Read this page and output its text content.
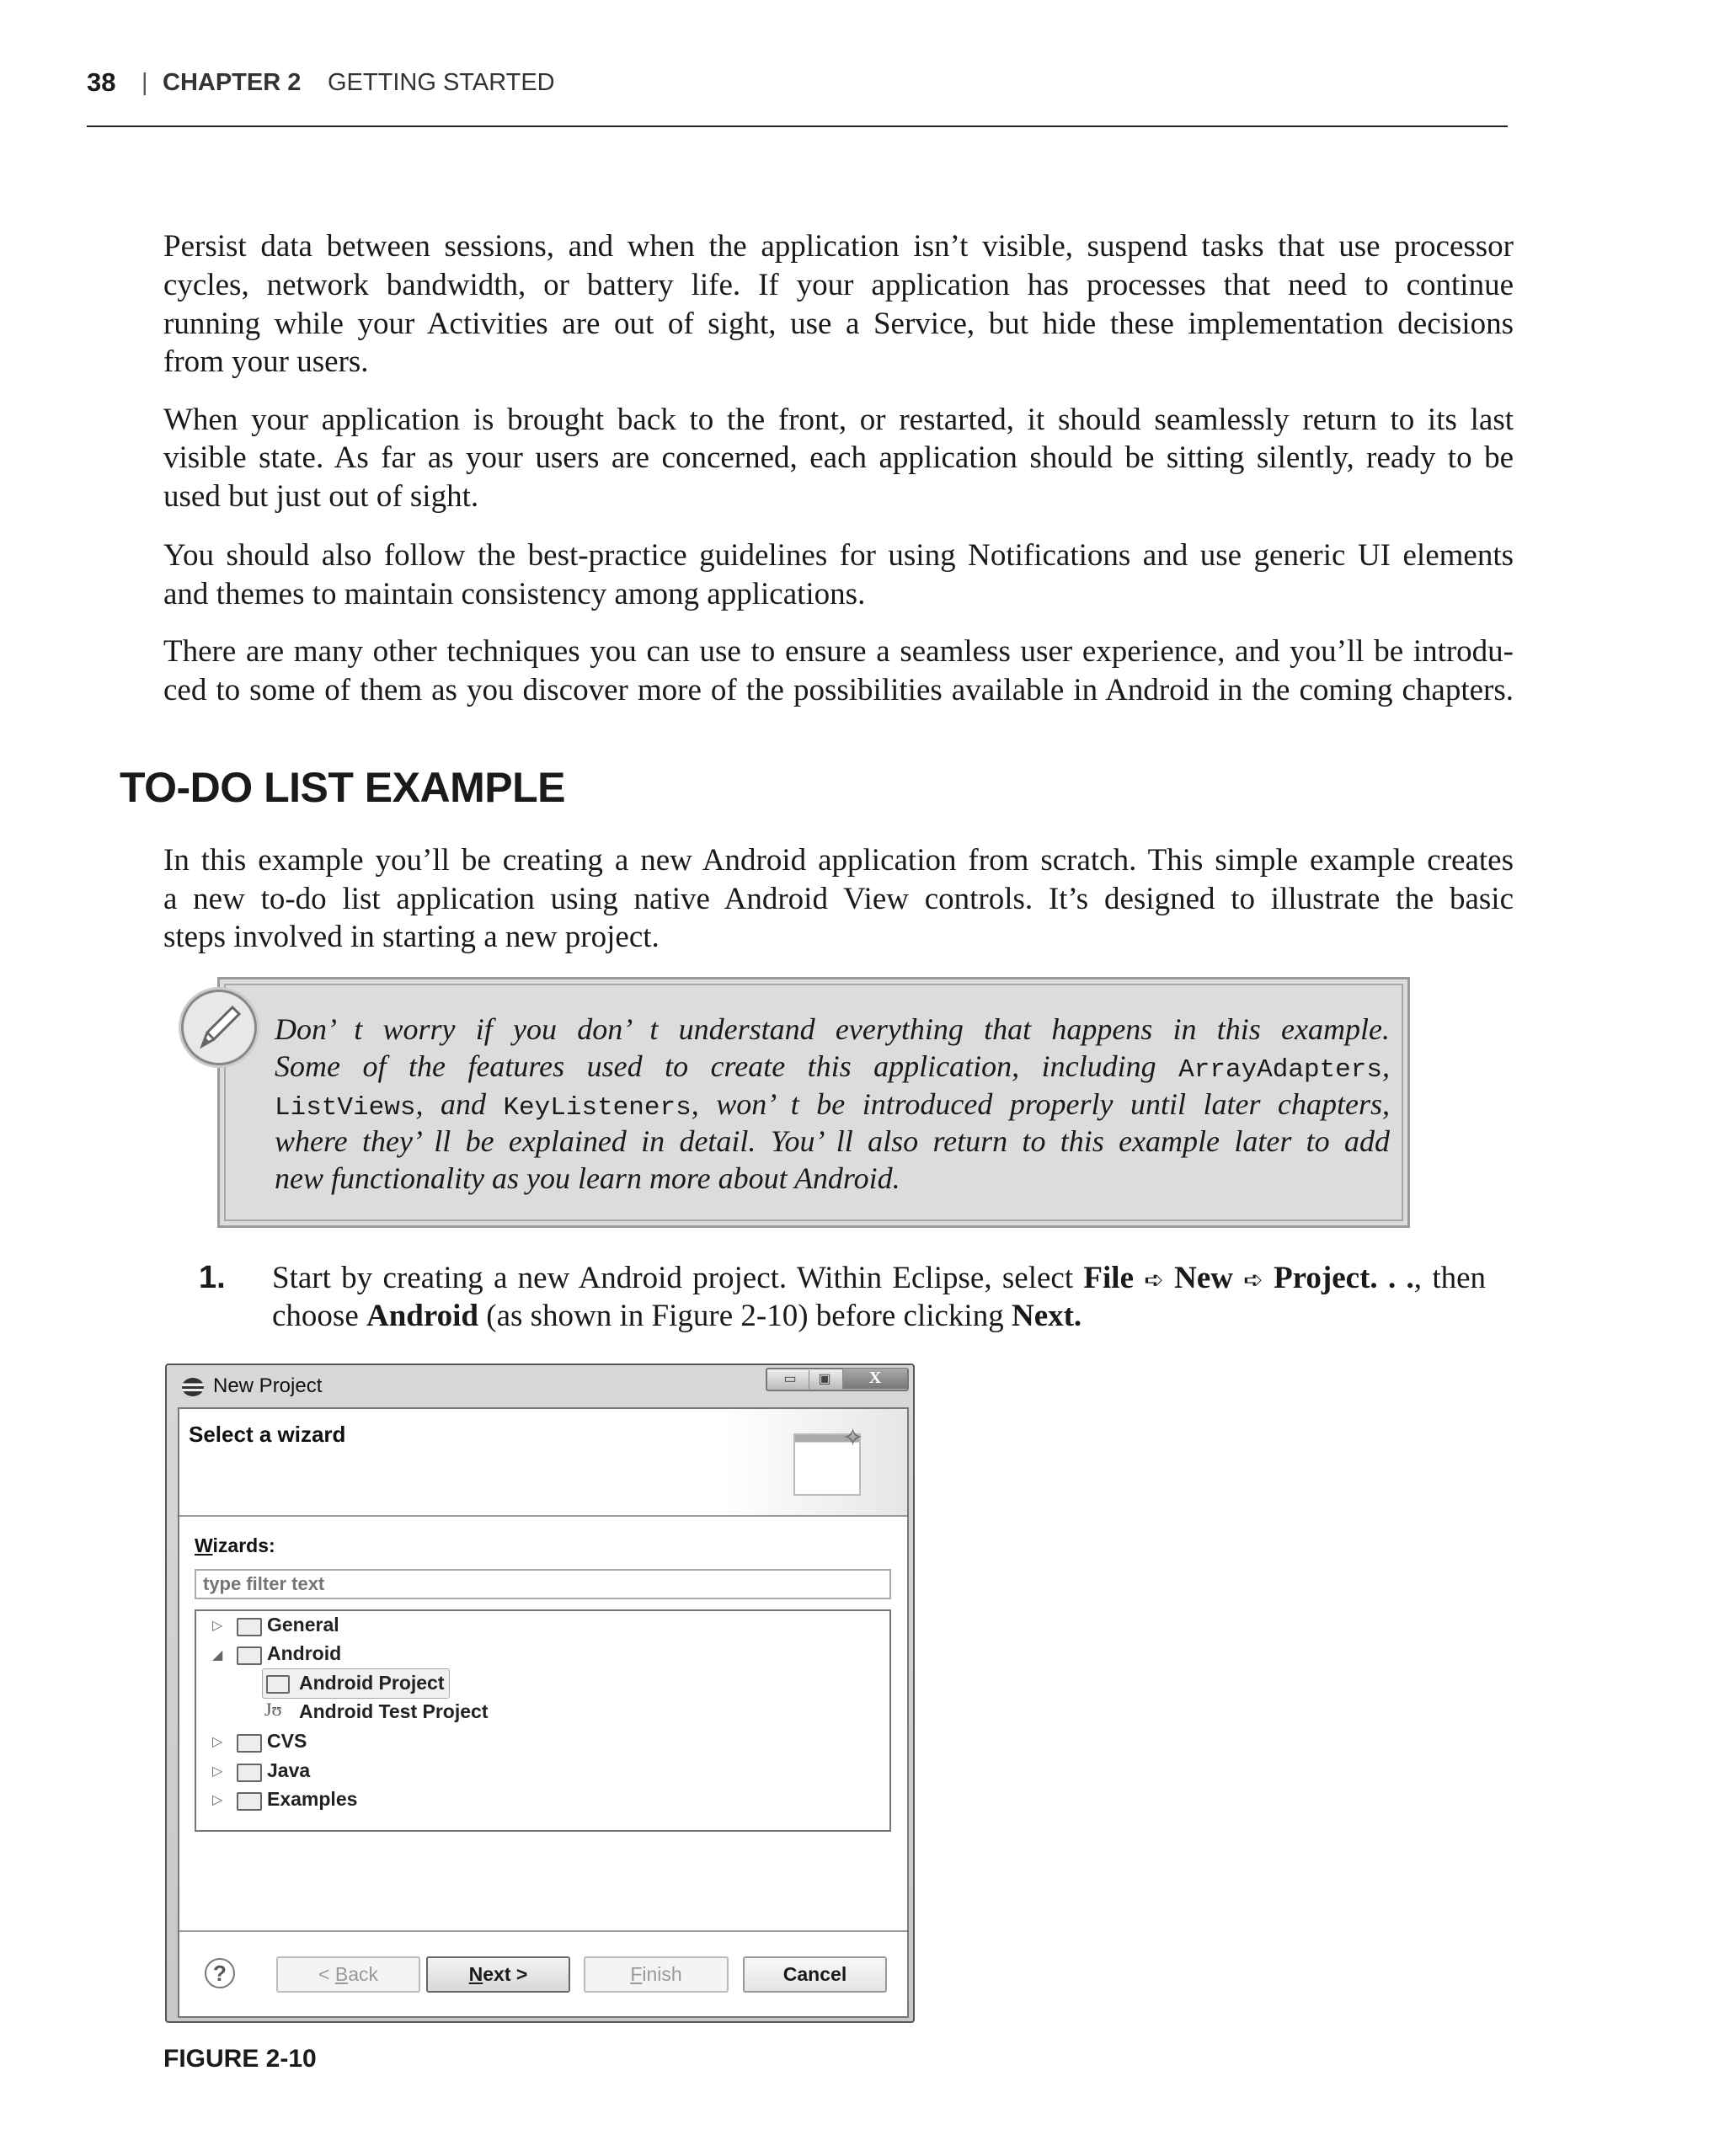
38 | CHAPTER 2 GETTING STARTED
Persist data between sessions, and when the application isn’t visible, suspend tasks that use processor
cycles, network bandwidth, or battery life. If your application has processes that need to continue
running while your Activities are out of sight, use a Service, but hide these implementation decisions
from your users.
When your application is brought back to the front, or restarted, it should seamlessly return to its last
visible state. As far as your users are concerned, each application should be sitting silently, ready to be
used but just out of sight.
You should also follow the best-practice guidelines for using Notifications and use generic UI elements
and themes to maintain consistency among applications.
There are many other techniques you can use to ensure a seamless user experience, and you’ll be introdu-
ced to some of them as you discover more of the possibilities available in Android in the coming chapters.
TO-DO LIST EXAMPLE
In this example you’ll be creating a new Android application from scratch. This simple example creates
a new to-do list application using native Android View controls. It’s designed to illustrate the basic
steps involved in starting a new project.
Don’ t worry if you don’ t understand everything that happens in this example.
Some of the features used to create this application, including ArrayAdapters,
ListViews, and KeyListeners, won’ t be introduced properly until later chapters,
where they’ ll be explained in detail. You’ ll also return to this example later to add
new functionality as you learn more about Android.
1. Start by creating a new Android project. Within Eclipse, select File ➪ New ➪ Project. . ., then
choose Android (as shown in Figure 2-10) before clicking Next.
New Project	▭	▣	X
Select a wizard	✧
Wizards:
type filter text
▷ General
◢ Android
Android Project
Jʊ Android Test Project
▷ CVS
▷ Java
▷ Examples
?	< Back	Next >	Finish	Cancel
FIGURE 2-10
